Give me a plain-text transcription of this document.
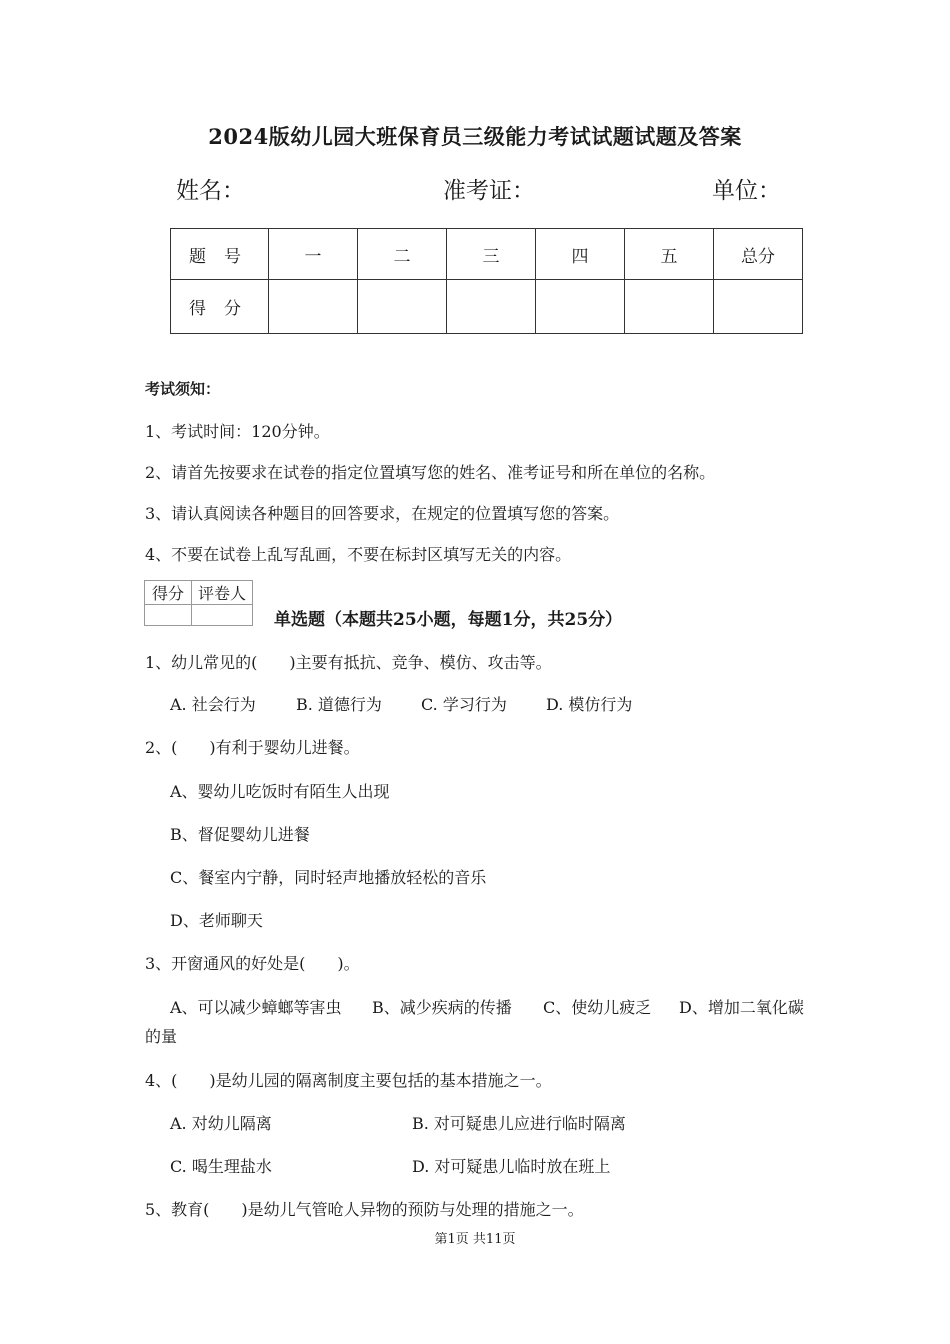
2024版幼儿园大班保育员三级能力考试试题试题及答案
姓名：	准考证：	单位：
题号	一	二	三	四	五	总分
得分						
考试须知：
1、考试时间：120分钟。
2、请首先按要求在试卷的指定位置填写您的姓名、准考证号和所在单位的名称。
3、请认真阅读各种题目的回答要求，在规定的位置填写您的答案。
4、不要在试卷上乱写乱画，不要在标封区填写无关的内容。
得分	评卷人

单选题（本题共25小题，每题1分，共25分）
1、幼儿常见的(　　)主要有抵抗、竞争、模仿、攻击等。
A. 社会行为	B. 道德行为 C. 学习行为 D. 模仿行为
2、(　　)有利于婴幼儿进餐。
A、婴幼儿吃饭时有陌生人出现
B、督促婴幼儿进餐
C、餐室内宁静，同时轻声地播放轻松的音乐
D、老师聊天
3、开窗通风的好处是(　　)。
A、可以减少蟑螂等害虫 B、减少疾病的传播 C、使幼儿疲乏 D、增加二氧化碳
的量
4、(　　)是幼儿园的隔离制度主要包括的基本措施之一。
A. 对幼儿隔离	B. 对可疑患儿应进行临时隔离
C. 喝生理盐水	D. 对可疑患儿临时放在班上
5、教育(　　)是幼儿气管呛人异物的预防与处理的措施之一。
第1页 共11页
